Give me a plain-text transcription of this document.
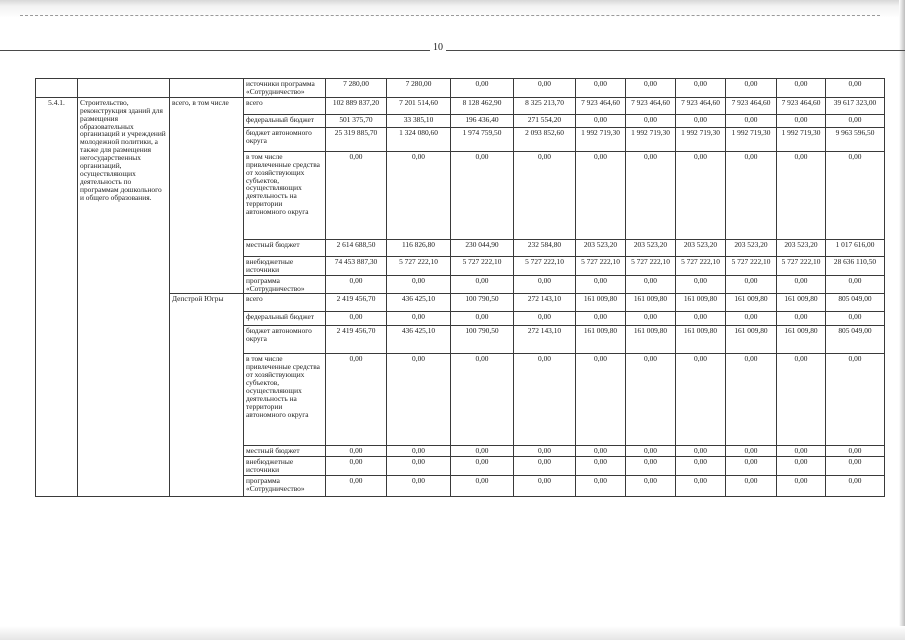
10
			источники программа «Сотрудничество»	7 280,00	7 280,00	0,00	0,00	0,00	0,00	0,00	0,00	0,00	0,00
5.4.1.	Строительство, реконструкция зданий для размещения образовательных организаций и учреждений молодежной политики, а также для размещения негосударственных организаций, осуществляющих деятельность по программам дошкольного и общего образования.	всего, в том числе	всего	102 889 837,20	7 201 514,60	8 128 462,90	8 325 213,70	7 923 464,60	7 923 464,60	7 923 464,60	7 923 464,60	7 923 464,60	39 617 323,00
			федеральный бюджет	501 375,70	33 385,10	196 436,40	271 554,20	0,00	0,00	0,00	0,00	0,00	0,00
			бюджет автономного округа	25 319 885,70	1 324 080,60	1 974 759,50	2 093 852,60	1 992 719,30	1 992 719,30	1 992 719,30	1 992 719,30	1 992 719,30	9 963 596,50
			в том числе привлеченные средства от хозяйствующих субъектов, осуществляющих деятельность на территории автономного округа	0,00	0,00	0,00	0,00	0,00	0,00	0,00	0,00	0,00	0,00
			местный бюджет	2 614 688,50	116 826,80	230 044,90	232 584,80	203 523,20	203 523,20	203 523,20	203 523,20	203 523,20	1 017 616,00
			внебюджетные источники	74 453 887,30	5 727 222,10	5 727 222,10	5 727 222,10	5 727 222,10	5 727 222,10	5 727 222,10	5 727 222,10	5 727 222,10	28 636 110,50
			программа «Сотрудничество»	0,00	0,00	0,00	0,00	0,00	0,00	0,00	0,00	0,00	0,00
		Депстрой Югры	всего	2 419 456,70	436 425,10	100 790,50	272 143,10	161 009,80	161 009,80	161 009,80	161 009,80	161 009,80	805 049,00
			федеральный бюджет	0,00	0,00	0,00	0,00	0,00	0,00	0,00	0,00	0,00	0,00
			бюджет автономного округа	2 419 456,70	436 425,10	100 790,50	272 143,10	161 009,80	161 009,80	161 009,80	161 009,80	161 009,80	805 049,00
			в том числе привлеченные средства от хозяйствующих субъектов, осуществляющих деятельность на территории автономного округа	0,00	0,00	0,00	0,00	0,00	0,00	0,00	0,00	0,00	0,00
			местный бюджет	0,00	0,00	0,00	0,00	0,00	0,00	0,00	0,00	0,00	0,00
			внебюджетные источники	0,00	0,00	0,00	0,00	0,00	0,00	0,00	0,00	0,00	0,00
			программа «Сотрудничество»	0,00	0,00	0,00	0,00	0,00	0,00	0,00	0,00	0,00	0,00
